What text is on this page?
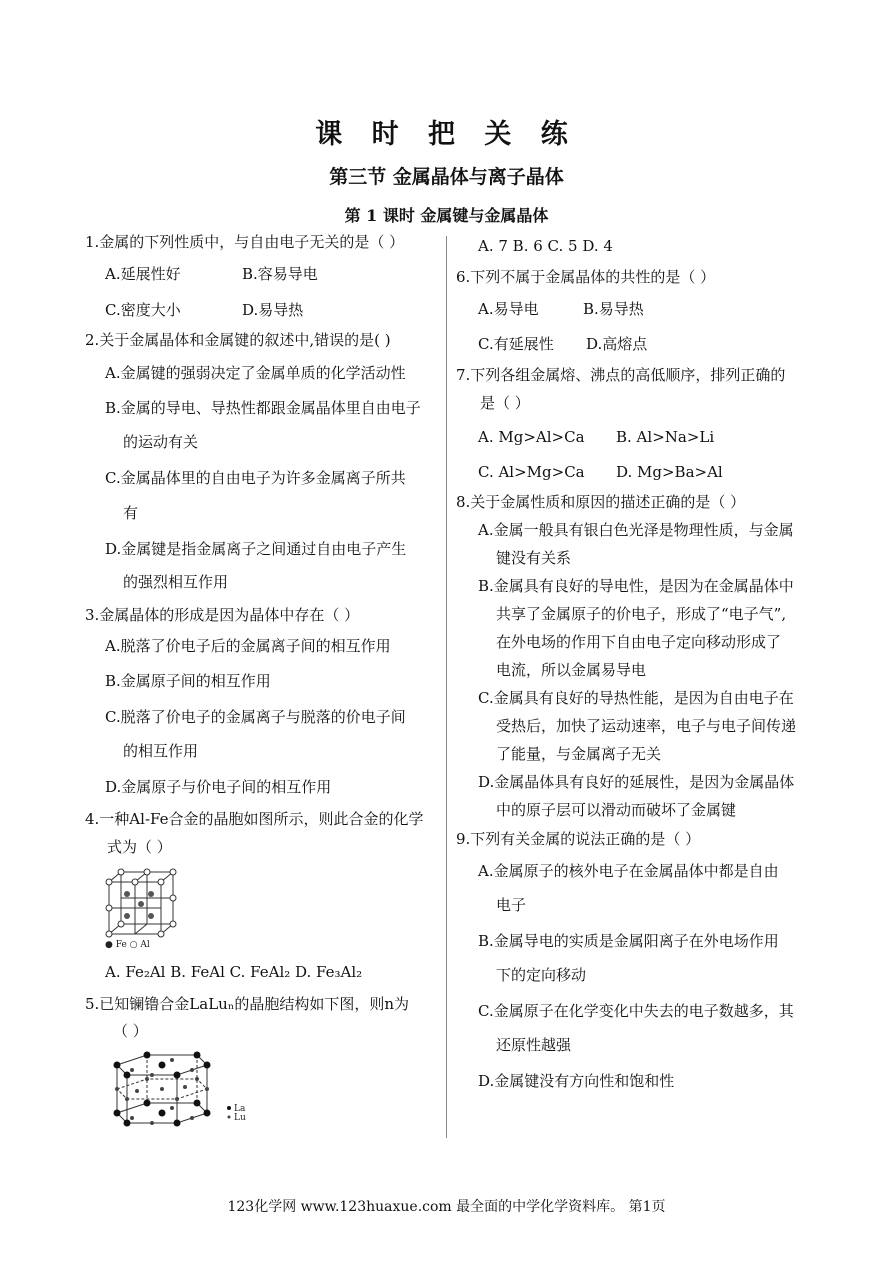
课 时 把 关 练
第三节 金属晶体与离子晶体
第 1 课时 金属键与金属晶体
1.金属的下列性质中，与自由电子无关的是（ ）
A.延展性好	B.容易导电
C.密度大小	D.易导热
2.关于金属晶体和金属键的叙述中,错误的是( )
A.金属键的强弱决定了金属单质的化学活动性
B.金属的导电、导热性都跟金属晶体里自由电子
的运动有关
C.金属晶体里的自由电子为许多金属离子所共
有
D.金属键是指金属离子之间通过自由电子产生
的强烈相互作用
3.金属晶体的形成是因为晶体中存在（ ）
A.脱落了价电子后的金属离子间的相互作用
B.金属原子间的相互作用
C.脱落了价电子的金属离子与脱落的价电子间
的相互作用
D.金属原子与价电子间的相互作用
4.一种Al-Fe合金的晶胞如图所示，则此合金的化学
式为（ ）
● Fe ○ Al
A. Fe₂Al B. FeAl C. FeAl₂ D. Fe₃Al₂
5.已知镧镥合金LaLuₙ的晶胞结构如下图，则n为
（ ）
La
Lu
A. 7 B. 6 C. 5 D. 4
6.下列不属于金属晶体的共性的是（ ）
A.易导电	B.易导热
C.有延展性 D.高熔点
7.下列各组金属熔、沸点的高低顺序，排列正确的
是（ ）
A. Mg>Al>Ca B. Al>Na>Li
C. Al>Mg>Ca D. Mg>Ba>Al
8.关于金属性质和原因的描述正确的是（ ）
A.金属一般具有银白色光泽是物理性质，与金属
键没有关系
B.金属具有良好的导电性，是因为在金属晶体中
共享了金属原子的价电子，形成了“电子气”,
在外电场的作用下自由电子定向移动形成了
电流，所以金属易导电
C.金属具有良好的导热性能，是因为自由电子在
受热后，加快了运动速率，电子与电子间传递
了能量，与金属离子无关
D.金属晶体具有良好的延展性，是因为金属晶体
中的原子层可以滑动而破坏了金属键
9.下列有关金属的说法正确的是（ ）
A.金属原子的核外电子在金属晶体中都是自由
电子
B.金属导电的实质是金属阳离子在外电场作用
下的定向移动
C.金属原子在化学变化中失去的电子数越多，其
还原性越强
D.金属键没有方向性和饱和性
123化学网 www.123huaxue.com 最全面的中学化学资料库。 第1页
